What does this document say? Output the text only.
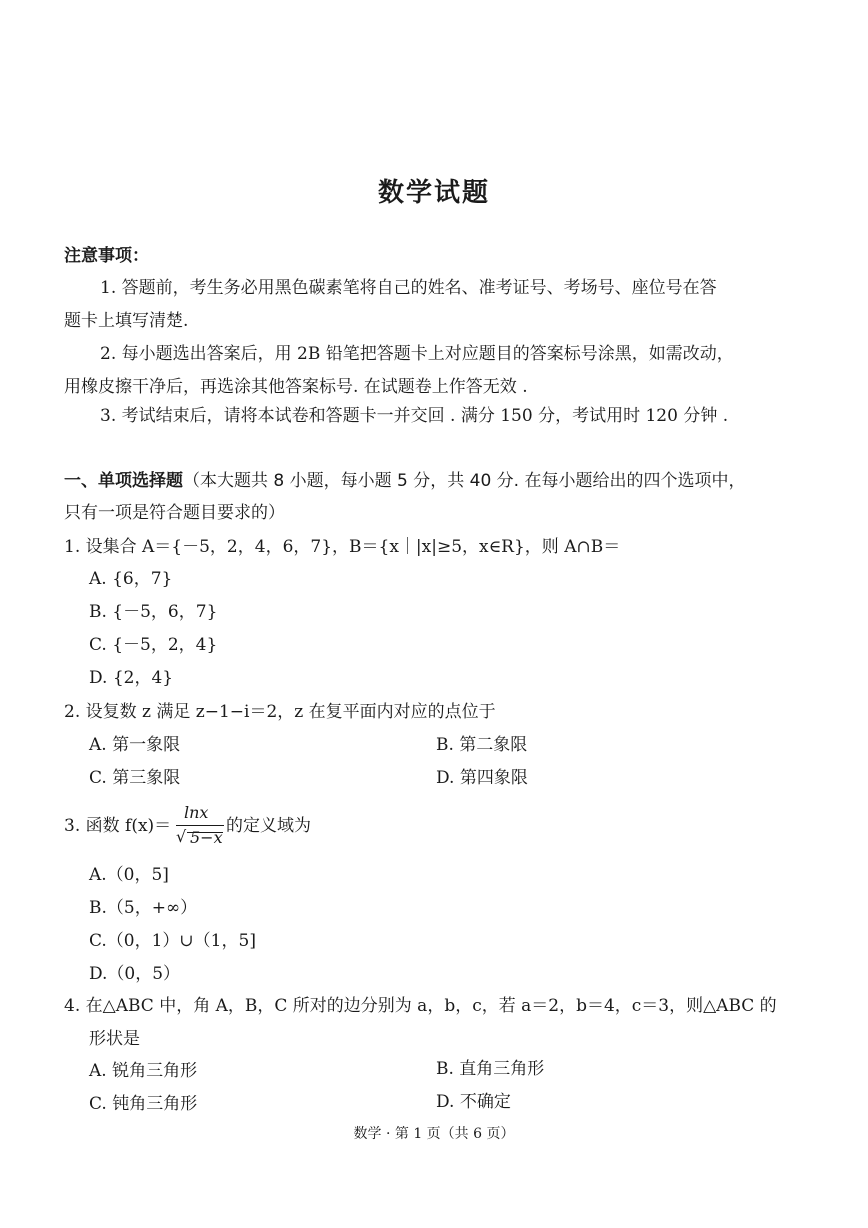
数学试题
注意事项：
1. 答题前，考生务必用黑色碳素笔将自己的姓名、准考证号、考场号、座位号在答
题卡上填写清楚.
2. 每小题选出答案后，用 2B 铅笔把答题卡上对应题目的答案标号涂黑，如需改动，
用橡皮擦干净后，再选涂其他答案标号. 在试题卷上作答无效 .
3. 考试结束后，请将本试卷和答题卡一并交回 . 满分 150 分，考试用时 120 分钟 .
一、单项选择题（本大题共 8 小题，每小题 5 分，共 40 分. 在每小题给出的四个选项中，
只有一项是符合题目要求的）
1. 设集合 A＝{－5，2，4，6，7}，B＝{x｜|x|≥5，x∈R}，则 A∩B＝
A. {6，7}
B. {－5，6，7}
C. {－5，2，4}
D. {2，4}
2. 设复数 z 满足 z−1−i＝2，z 在复平面内对应的点位于
A. 第一象限	B. 第二象限
C. 第三象限	D. 第四象限
3. 函数 f(x)＝
lnx
√ 5−x
的定义域为
A.（0，5]
B.（5，+∞）
C.（0，1）∪（1，5]
D.（0，5）
4. 在△ABC 中，角 A，B，C 所对的边分别为 a，b，c，若 a＝2，b＝4，c＝3，则△ABC 的
形状是
A. 锐角三角形	B. 直角三角形
C. 钝角三角形	D. 不确定
数学 · 第 1 页（共 6 页）
